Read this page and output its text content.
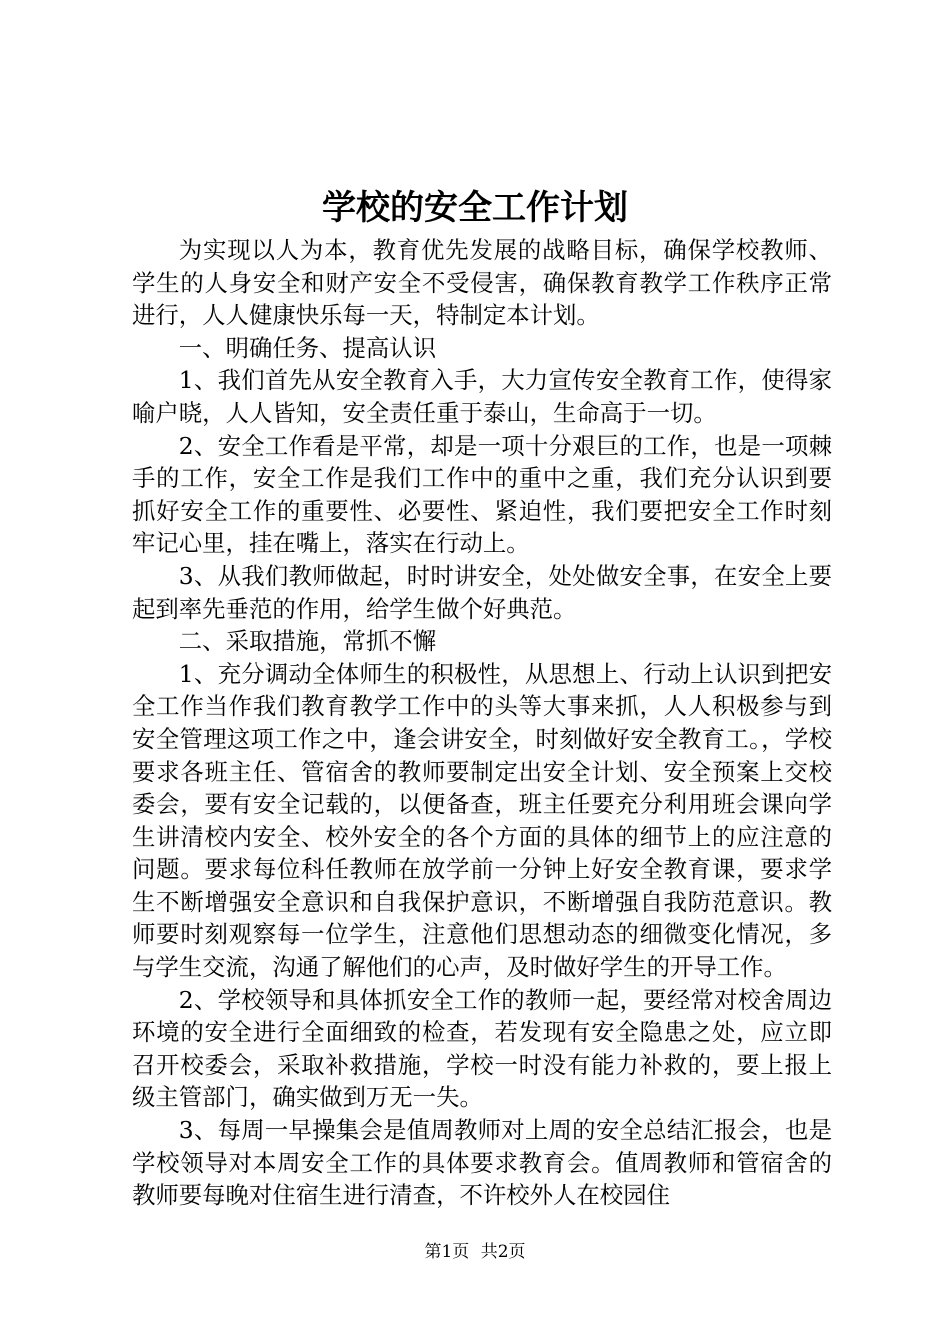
学校的安全工作计划

为实现以人为本，教育优先发展的战略目标，确保学校教师、学生的人身安全和财产安全不受侵害，确保教育教学工作秩序正常进行，人人健康快乐每一天，特制定本计划。

一、明确任务、提高认识

1、我们首先从安全教育入手，大力宣传安全教育工作，使得家喻户晓，人人皆知，安全责任重于泰山，生命高于一切。

2、安全工作看是平常，却是一项十分艰巨的工作，也是一项棘手的工作，安全工作是我们工作中的重中之重，我们充分认识到要抓好安全工作的重要性、必要性、紧迫性，我们要把安全工作时刻牢记心里，挂在嘴上，落实在行动上。

3、从我们教师做起，时时讲安全，处处做安全事，在安全上要起到率先垂范的作用，给学生做个好典范。

二、采取措施，常抓不懈

1、充分调动全体师生的积极性，从思想上、行动上认识到把安全工作当作我们教育教学工作中的头等大事来抓，人人积极参与到安全管理这项工作之中，逢会讲安全，时刻做好安全教育工。，学校要求各班主任、管宿舍的教师要制定出安全计划、安全预案上交校委会，要有安全记载的，以便备查，班主任要充分利用班会课向学生讲清校内安全、校外安全的各个方面的具体的细节上的应注意的问题。要求每位科任教师在放学前一分钟上好安全教育课，要求学生不断增强安全意识和自我保护意识，不断增强自我防范意识。教师要时刻观察每一位学生，注意他们思想动态的细微变化情况，多与学生交流，沟通了解他们的心声，及时做好学生的开导工作。

2、学校领导和具体抓安全工作的教师一起，要经常对校舍周边环境的安全进行全面细致的检查，若发现有安全隐患之处，应立即召开校委会，采取补救措施，学校一时没有能力补救的，要上报上级主管部门，确实做到万无一失。

3、每周一早操集会是值周教师对上周的安全总结汇报会，也是学校领导对本周安全工作的具体要求教育会。值周教师和管宿舍的教师要每晚对住宿生进行清查，不许校外人在校园住

第1页 共2页
